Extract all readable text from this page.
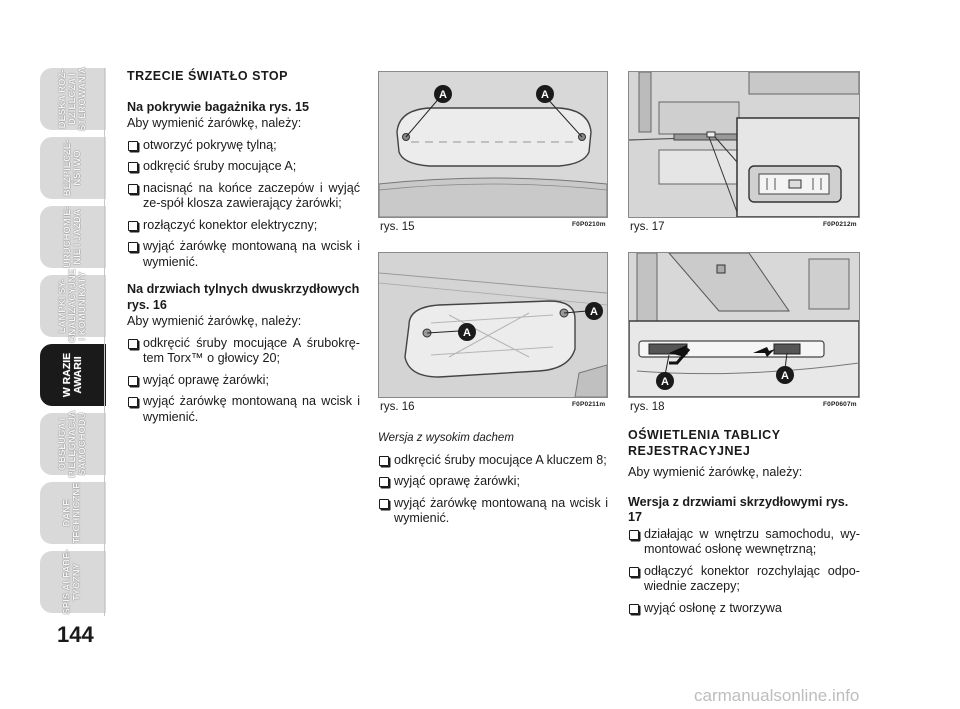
DESKA ROZ-
DZIELCZA I
STEROWANIA
BEZPIECZE-
ŃSTWO
URUCHOMIE-
NIE I JAZDA
LAMPKI SY-
GNALIZACYJNE
I KOMUNIKATY
W RAZIE
AWARII
OBSŁUGA I
PIELĘGNACJA
SAMOCHODU
DANE
TECHNICZNE
SPIS ALFABE-
TYCZNY
144
TRZECIE ŚWIATŁO STOP
Na pokrywie bagażnika rys. 15
Aby wymienić żarówkę, należy:
otworzyć pokrywę tylną;
odkręcić śruby mocujące A;
nacisnąć na końce zaczepów i wyjąć ze-spół klosza zawierający żarówki;
rozłączyć konektor elektryczny;
wyjąć żarówkę montowaną na wcisk i wymienić.
Na drzwiach tylnych dwuskrzydłowych rys. 16
Aby wymienić żarówkę, należy:
odkręcić śruby mocujące A śrubokrę-tem Torx™ o głowicy 20;
wyjąć oprawę żarówki;
wyjąć żarówkę montowaną na wcisk i wymienić.
A	A
rys. 15	F0P0210m
A
A
rys. 16	F0P0211m
rys. 17	F0P0212m
A	A
rys. 18	F0P0607m
Wersja z wysokim dachem
odkręcić śruby mocujące A kluczem 8;
wyjąć oprawę żarówki;
wyjąć żarówkę montowaną na wcisk i wymienić.
OŚWIETLENIA TABLICY REJESTRACYJNEJ
Aby wymienić żarówkę, należy:
Wersja z drzwiami skrzydłowymi rys. 17
działając w wnętrzu samochodu, wy-montować osłonę wewnętrzną;
odłączyć konektor rozchylając odpo-wiednie zaczepy;
wyjąć osłonę z tworzywa
carmanualsonline.info
